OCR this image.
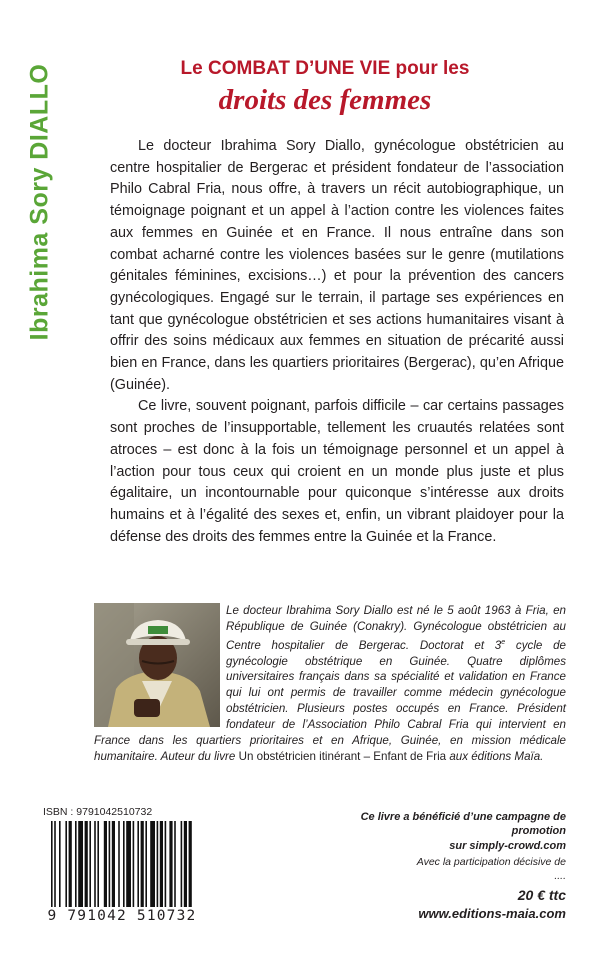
Ibrahima Sory DIALLO	Le COMBAT D’UNE VIE pour les
droits des femmes

Le docteur Ibrahima Sory Diallo, gynécologue obstétricien au centre hospitalier de Bergerac et président fondateur de l’association Philo Cabral Fria, nous offre, à travers un récit autobiographique, un témoignage poignant et un appel à l’action contre les violences faites aux femmes en Guinée et en France. Il nous entraîne dans son combat acharné contre les violences basées sur le genre (mutilations génitales féminines, excisions…) et pour la prévention des cancers gynécologiques. Engagé sur le terrain, il partage ses expériences en tant que gynécologue obstétricien et ses actions humanitaires visant à offrir des soins médicaux aux femmes en situation de précarité aussi bien en France, dans les quartiers prioritaires (Bergerac), qu’en Afrique (Guinée).

Ce livre, souvent poignant, parfois difficile – car certains passages sont proches de l’insupportable, tellement les cruautés relatées sont atroces – est donc à la fois un témoignage personnel et un appel à l’action pour tous ceux qui croient en un monde plus juste et plus égalitaire, un incontournable pour quiconque s’intéresse aux droits humains et à l’égalité des sexes et, enfin, un vibrant plaidoyer pour la défense des droits des femmes entre la Guinée et la France.

Le docteur Ibrahima Sory Diallo est né le 5 août 1963 à Fria, en République de Guinée (Conakry). Gynécologue obstétricien au Centre hospitalier de Bergerac. Doctorat et 3e cycle de gynécologie obstétrique en Guinée. Quatre diplômes universitaires français dans sa spécialité et validation en France qui lui ont permis de travailler comme médecin gynécologue obstétricien. Plusieurs postes occupés en France. Président fondateur de l’Association Philo Cabral Fria qui intervient en France dans les quartiers prioritaires et en Afrique, Guinée, en mission médicale humanitaire. Auteur du livre Un obstétricien itinérant – Enfant de Fria aux éditions Maïa.
ISBN : 9791042510732
9 791042 510732
Ce livre a bénéficié d’une campagne de promotion
sur simply-crowd.com
Avec la participation décisive de
....
20 € ttc
www.editions-maia.com
